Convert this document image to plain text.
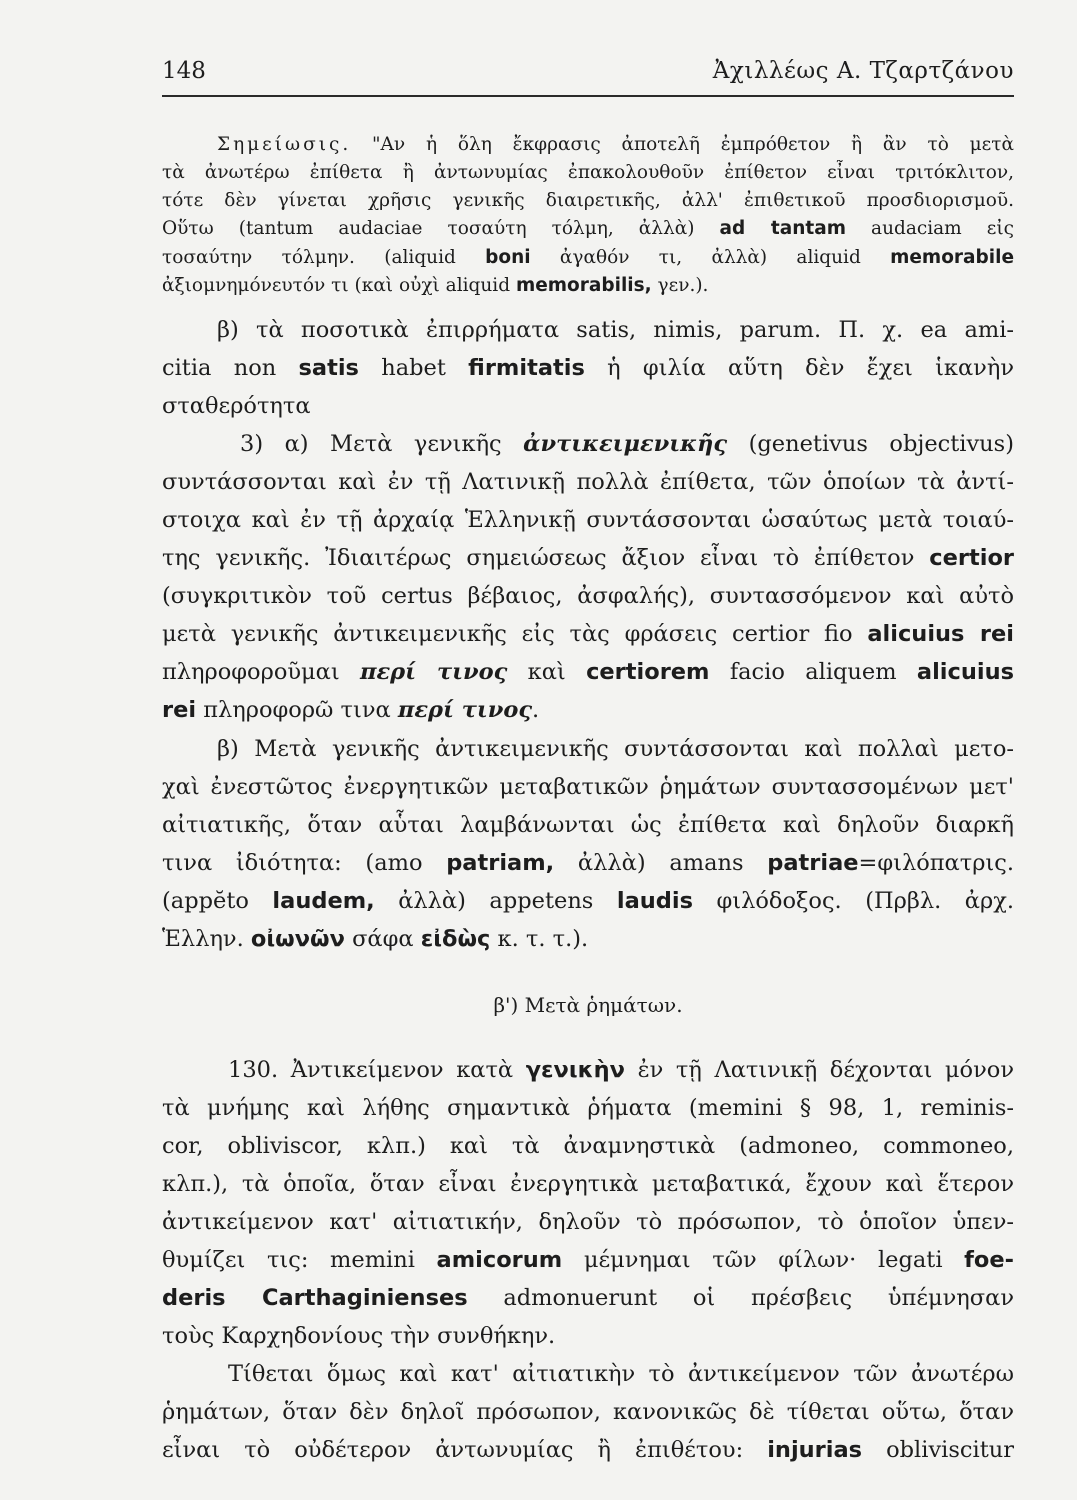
148	Ἀχιλλέως Α. Τζαρτζάνου
Σημείωσις. "Αν ἡ ὅλη ἔκφρασις ἀποτελῆ ἐμπρόθετον ἢ ἂν τὸ μετὰ
τὰ ἀνωτέρω ἐπίθετα ἢ ἀντωνυμίας ἐπακολουθοῦν ἐπίθετον εἶναι τριτόκλιτον,
τότε δὲν γίνεται χρῆσις γενικῆς διαιρετικῆς, ἀλλ' ἐπιθετικοῦ προσδιορισμοῦ.
Οὕτω (tantum audaciae τοσαύτη τόλμη, ἀλλὰ) ad tantam audaciam εἰς
τοσαύτην τόλμην. (aliquid boni ἀγαθόν τι, ἀλλὰ) aliquid memorabile
ἀξιομνημόνευτόν τι (καὶ οὐχὶ aliquid memorabilis, γεν.).
β) τὰ ποσοτικὰ ἐπιρρήματα satis, nimis, parum. Π. χ. ea ami-
citia non satis habet firmitatis ἡ φιλία αὕτη δὲν ἔχει ἱκανὴν
σταθερότητα
3) α) Μετὰ γενικῆς ἀντικειμενικῆς (genetivus objectivus)
συντάσσονται καὶ ἐν τῇ Λατινικῇ πολλὰ ἐπίθετα, τῶν ὁποίων τὰ ἀντί-
στοιχα καὶ ἐν τῇ ἀρχαίᾳ Ἑλληνικῇ συντάσσονται ὡσαύτως μετὰ τοιαύ-
της γενικῆς. Ἰδιαιτέρως σημειώσεως ἄξιον εἶναι τὸ ἐπίθετον certior
(συγκριτικὸν τοῦ certus βέβαιος, ἀσφαλής), συντασσόμενον καὶ αὐτὸ
μετὰ γενικῆς ἀντικειμενικῆς εἰς τὰς φράσεις certior fio alicuius rei
πληροφοροῦμαι περί τινος καὶ certiorem facio aliquem alicuius
rei πληροφορῶ τινα περί τινος.
β) Μετὰ γενικῆς ἀντικειμενικῆς συντάσσονται καὶ πολλαὶ μετο-
χαὶ ἐνεστῶτος ἐνεργητικῶν μεταβατικῶν ῥημάτων συντασσομένων μετ'
αἰτιατικῆς, ὅταν αὗται λαμβάνωνται ὡς ἐπίθετα καὶ δηλοῦν διαρκῆ
τινα ἰδιότητα: (amo patriam, ἀλλὰ) amans patriae=φιλόπατρις.
(appĕto laudem, ἀλλὰ) appetens laudis φιλόδοξος. (Πρβλ. ἀρχ.
Ἑλλην. οἰωνῶν σάφα εἰδὼς κ. τ. τ.).
β') Μετὰ ῥημάτων.
130. Ἀντικείμενον κατὰ γενικὴν ἐν τῇ Λατινικῇ δέχονται μόνον
τὰ μνήμης καὶ λήθης σημαντικὰ ῥήματα (memini § 98, 1, reminis-
cor, obliviscor, κλπ.) καὶ τὰ ἀναμνηστικὰ (admoneo, commoneo,
κλπ.), τὰ ὁποῖα, ὅταν εἶναι ἐνεργητικὰ μεταβατικά, ἔχουν καὶ ἕτερον
ἀντικείμενον κατ' αἰτιατικήν, δηλοῦν τὸ πρόσωπον, τὸ ὁποῖον ὑπεν-
θυμίζει τις: memini amicorum μέμνημαι τῶν φίλων· legati foe-
deris Carthaginienses admonuerunt οἱ πρέσβεις ὑπέμνησαν
τοὺς Καρχηδονίους τὴν συνθήκην.
Τίθεται ὅμως καὶ κατ' αἰτιατικὴν τὸ ἀντικείμενον τῶν ἀνωτέρω
ῥημάτων, ὅταν δὲν δηλοῖ πρόσωπον, κανονικῶς δὲ τίθεται οὕτω, ὅταν
εἶναι τὸ οὐδέτερον ἀντωνυμίας ἢ ἐπιθέτου: injurias obliviscitur
